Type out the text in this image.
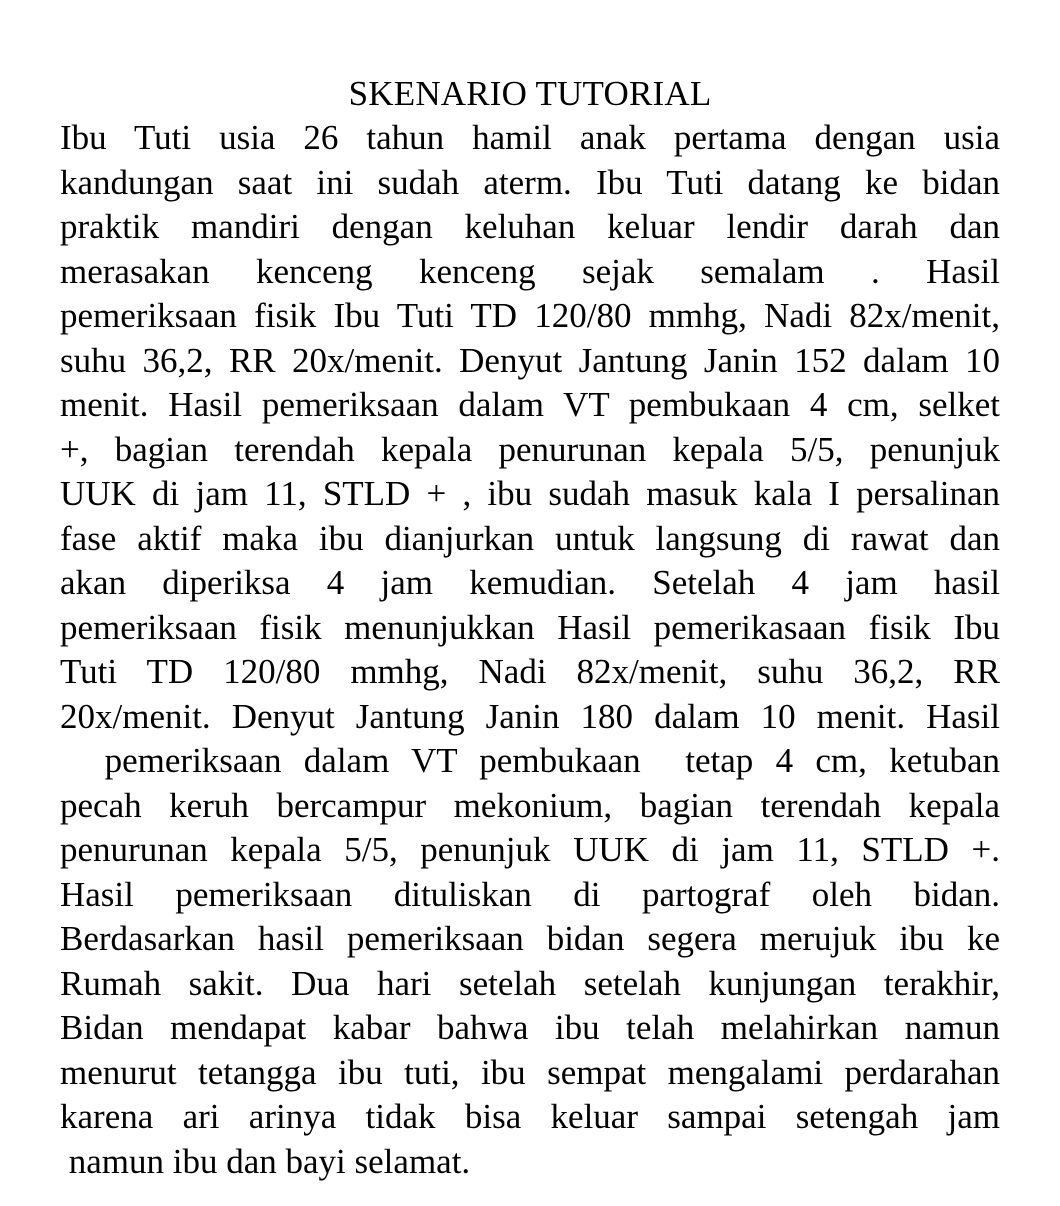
SKENARIO TUTORIAL
Ibu Tuti usia 26 tahun hamil anak pertama dengan usia
kandungan saat ini sudah aterm. Ibu Tuti datang ke bidan
praktik mandiri dengan keluhan keluar lendir darah dan
merasakan kenceng kenceng sejak semalam . Hasil
pemeriksaan fisik Ibu Tuti TD 120/80 mmhg, Nadi 82x/menit,
suhu 36,2, RR 20x/menit. Denyut Jantung Janin 152 dalam 10
menit. Hasil pemeriksaan dalam VT pembukaan 4 cm, selket
+, bagian terendah kepala penurunan kepala 5/5, penunjuk
UUK di jam 11, STLD + , ibu sudah masuk kala I persalinan
fase aktif maka ibu dianjurkan untuk langsung di rawat dan
akan diperiksa 4 jam kemudian. Setelah 4 jam hasil
pemeriksaan fisik menunjukkan Hasil pemerikasaan fisik Ibu
Tuti TD 120/80 mmhg, Nadi 82x/menit, suhu 36,2, RR
20x/menit. Denyut Jantung Janin 180 dalam 10 menit. Hasil
pemeriksaan dalam VT pembukaan  tetap 4 cm, ketuban
pecah keruh bercampur mekonium, bagian terendah kepala
penurunan kepala 5/5, penunjuk UUK di jam 11, STLD +.
Hasil pemeriksaan dituliskan di partograf oleh bidan.
Berdasarkan hasil pemeriksaan bidan segera merujuk ibu ke
Rumah sakit. Dua hari setelah setelah kunjungan terakhir,
Bidan mendapat kabar bahwa ibu telah melahirkan namun
menurut tetangga ibu tuti, ibu sempat mengalami perdarahan
karena ari arinya tidak bisa keluar sampai setengah jam
namun ibu dan bayi selamat.
